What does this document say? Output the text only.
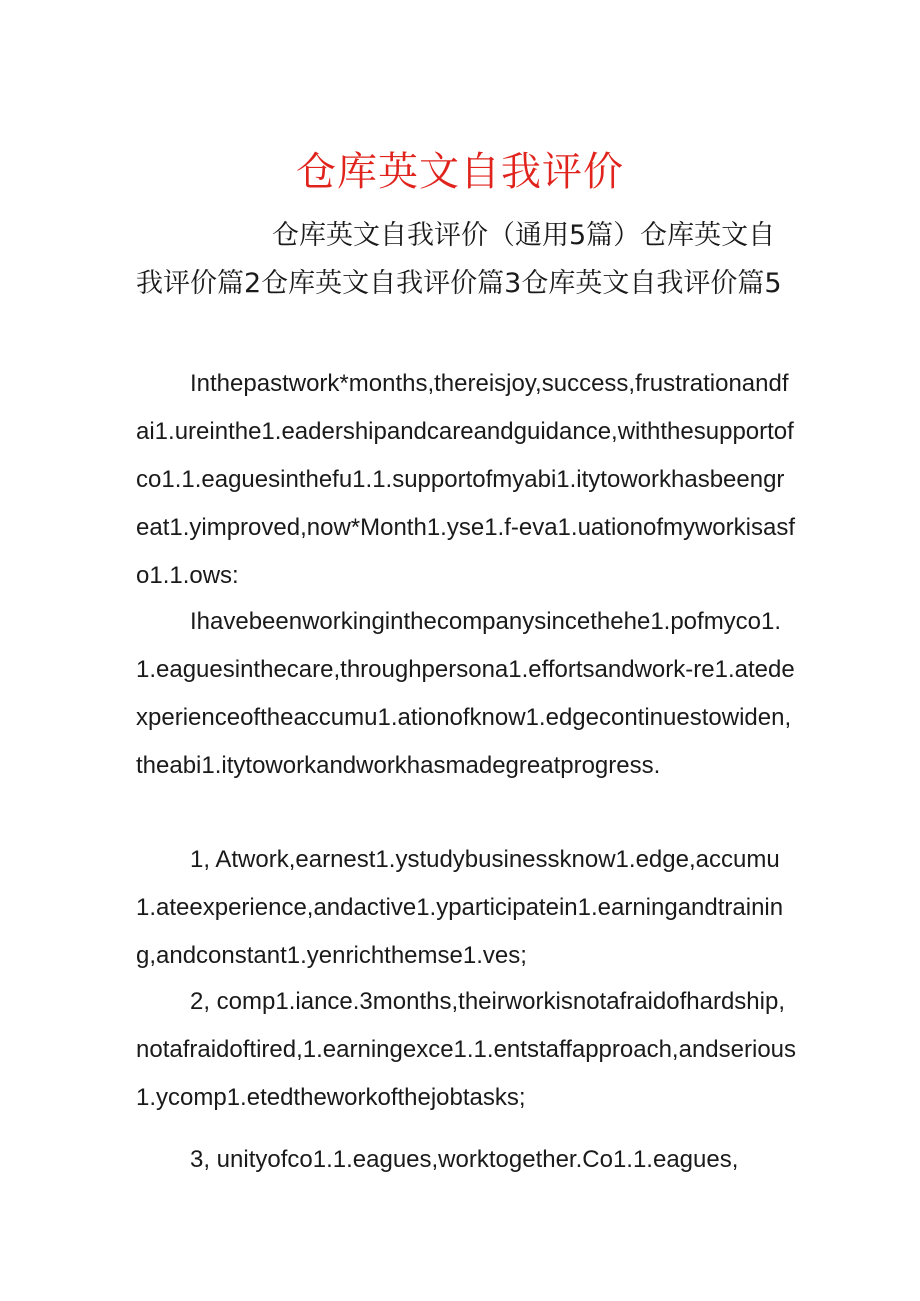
仓库英文自我评价
仓库英文自我评价（通用5篇）仓库英文自我评价篇2仓库英文自我评价篇3仓库英文自我评价篇5

Inthepastwork*months,thereisjoy,success,frustrationandfai1.ureinthe1.eadershipandcareandguidance,withthesupportofco1.1.eaguesinthefu1.1.supportofmyabi1.itytoworkhasbeengreat1.yimproved,now*Month1.yse1.f-eva1.uationofmyworkisasfo1.1.ows:

Ihavebeenworkinginthecompanysincethehe1.pofmyco1.1.eaguesinthecare,throughpersona1.effortsandwork-re1.atedexperienceoftheaccumu1.ationofknow1.edgecontinuestowiden,theabi1.itytoworkandworkhasmadegreatprogress.

1, Atwork,earnest1.ystudybusinessknow1.edge,accumu1.ateexperience,andactive1.yparticipatein1.earningandtraining,andconstant1.yenrichthemse1.ves;

2, comp1.iance.3months,theirworkisnotafraidofhardship,notafraidoftired,1.earningexce1.1.entstaffapproach,andserious1.ycomp1.etedtheworkofthejobtasks;

3, unityofco1.1.eagues,worktogether.Co1.1.eagues,
